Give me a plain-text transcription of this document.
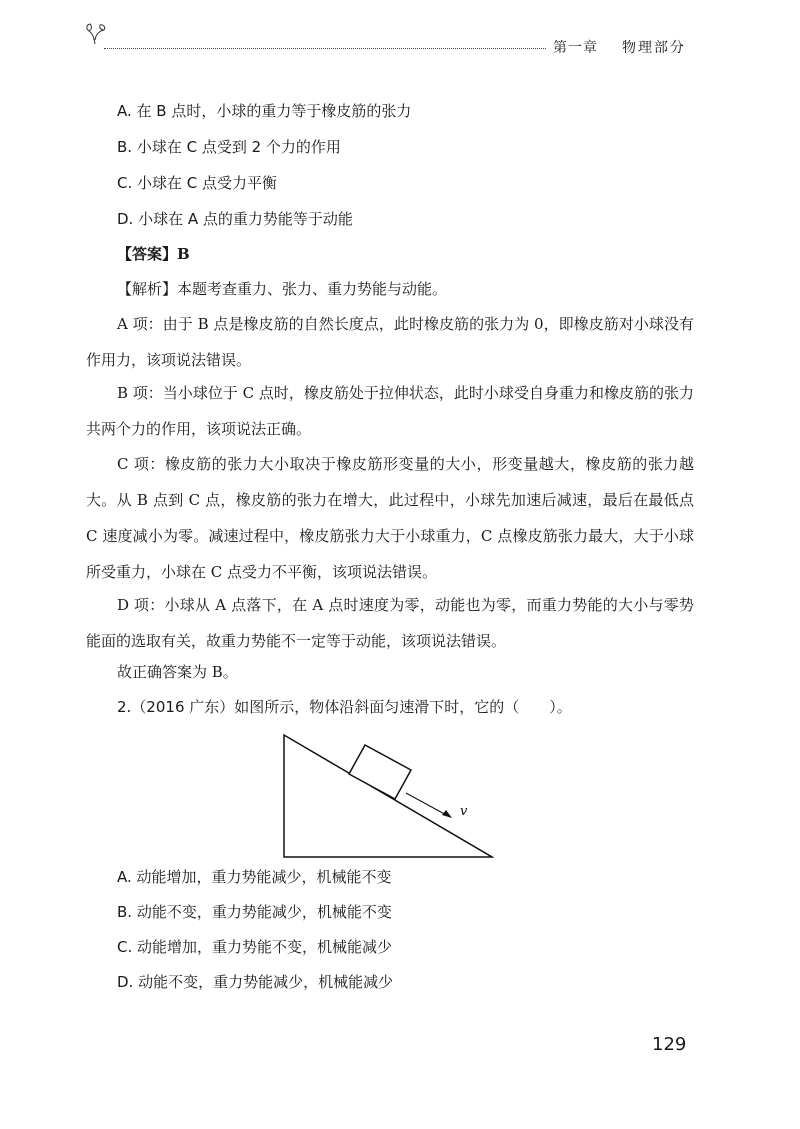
第一章 物理部分
A. 在 B 点时，小球的重力等于橡皮筋的张力
B. 小球在 C 点受到 2 个力的作用
C. 小球在 C 点受力平衡
D. 小球在 A 点的重力势能等于动能
【答案】B
【解析】本题考查重力、张力、重力势能与动能。
A 项：由于 B 点是橡皮筋的自然长度点，此时橡皮筋的张力为 0，即橡皮筋对小球没有作用力，该项说法错误。
B 项：当小球位于 C 点时，橡皮筋处于拉伸状态，此时小球受自身重力和橡皮筋的张力共两个力的作用，该项说法正确。
C 项：橡皮筋的张力大小取决于橡皮筋形变量的大小，形变量越大，橡皮筋的张力越大。从 B 点到 C 点，橡皮筋的张力在增大，此过程中，小球先加速后减速，最后在最低点 C 速度减小为零。减速过程中，橡皮筋张力大于小球重力，C 点橡皮筋张力最大，大于小球所受重力，小球在 C 点受力不平衡，该项说法错误。
D 项：小球从 A 点落下，在 A 点时速度为零，动能也为零，而重力势能的大小与零势能面的选取有关，故重力势能不一定等于动能，该项说法错误。
故正确答案为 B。
2.（2016 广东）如图所示，物体沿斜面匀速滑下时，它的（　　）。
v
A. 动能增加，重力势能减少，机械能不变
B. 动能不变，重力势能减少，机械能不变
C. 动能增加，重力势能不变，机械能减少
D. 动能不变，重力势能减少，机械能减少
129
